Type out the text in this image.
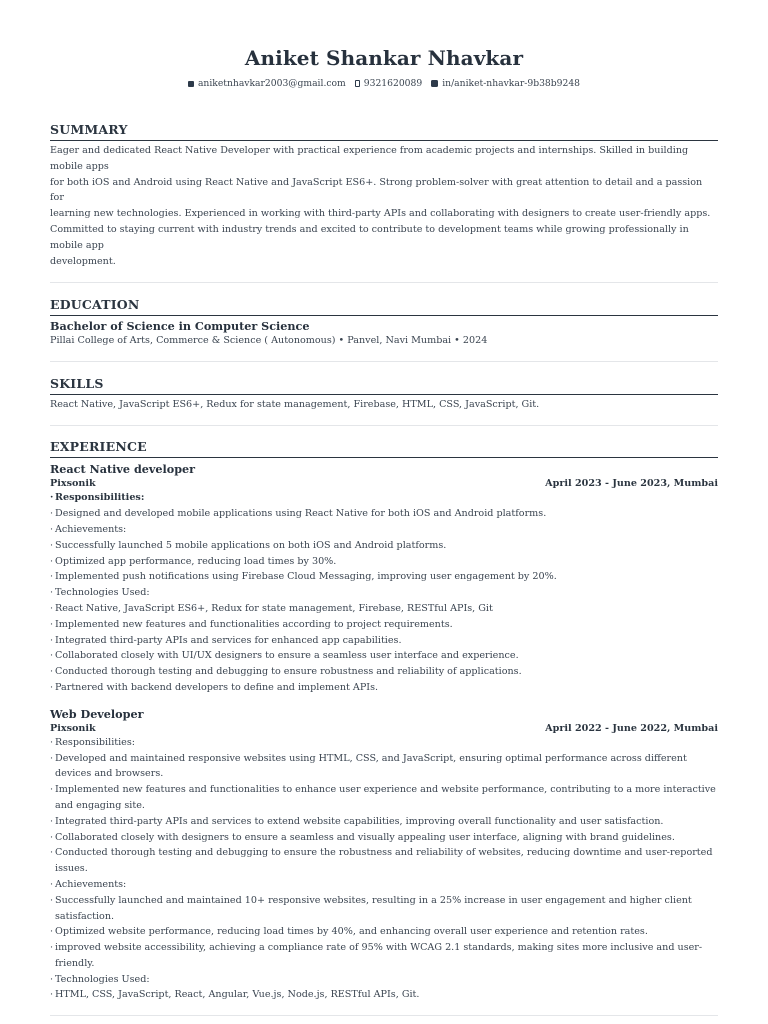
Aniket Shankar Nhavkar
aniketnhavkar2003@gmail.com 9321620089 in/aniket-nhavkar-9b38b9248
SUMMARY
Eager and dedicated React Native Developer with practical experience from academic projects and internships. Skilled in building mobile apps
for both iOS and Android using React Native and JavaScript ES6+. Strong problem-solver with great attention to detail and a passion for
learning new technologies. Experienced in working with third-party APIs and collaborating with designers to create user-friendly apps.
Committed to staying current with industry trends and excited to contribute to development teams while growing professionally in mobile app
development.
EDUCATION
Bachelor of Science in Computer Science
Pillai College of Arts, Commerce & Science ( Autonomous) • Panvel, Navi Mumbai • 2024
SKILLS
React Native, JavaScript ES6+, Redux for state management, Firebase, HTML, CSS, JavaScript, Git.
EXPERIENCE
React Native developer
Pixsonik	April 2023 - June 2023, Mumbai
· Responsibilities:
· Designed and developed mobile applications using React Native for both iOS and Android platforms.
· Achievements:
· Successfully launched 5 mobile applications on both iOS and Android platforms.
· Optimized app performance, reducing load times by 30%.
· Implemented push notifications using Firebase Cloud Messaging, improving user engagement by 20%.
· Technologies Used:
· React Native, JavaScript ES6+, Redux for state management, Firebase, RESTful APIs, Git
· Implemented new features and functionalities according to project requirements.
· Integrated third-party APIs and services for enhanced app capabilities.
· Collaborated closely with UI/UX designers to ensure a seamless user interface and experience.
· Conducted thorough testing and debugging to ensure robustness and reliability of applications.
· Partnered with backend developers to define and implement APIs.
Web Developer
Pixsonik	April 2022 - June 2022, Mumbai
· Responsibilities:
· Developed and maintained responsive websites using HTML, CSS, and JavaScript, ensuring optimal performance across different devices and browsers.
· Implemented new features and functionalities to enhance user experience and website performance, contributing to a more interactive and engaging site.
· Integrated third-party APIs and services to extend website capabilities, improving overall functionality and user satisfaction.
· Collaborated closely with designers to ensure a seamless and visually appealing user interface, aligning with brand guidelines.
· Conducted thorough testing and debugging to ensure the robustness and reliability of websites, reducing downtime and user-reported issues.
· Achievements:
· Successfully launched and maintained 10+ responsive websites, resulting in a 25% increase in user engagement and higher client satisfaction.
· Optimized website performance, reducing load times by 40%, and enhancing overall user experience and retention rates.
· improved website accessibility, achieving a compliance rate of 95% with WCAG 2.1 standards, making sites more inclusive and user-friendly.
· Technologies Used:
· HTML, CSS, JavaScript, React, Angular, Vue.js, Node.js, RESTful APIs, Git.
